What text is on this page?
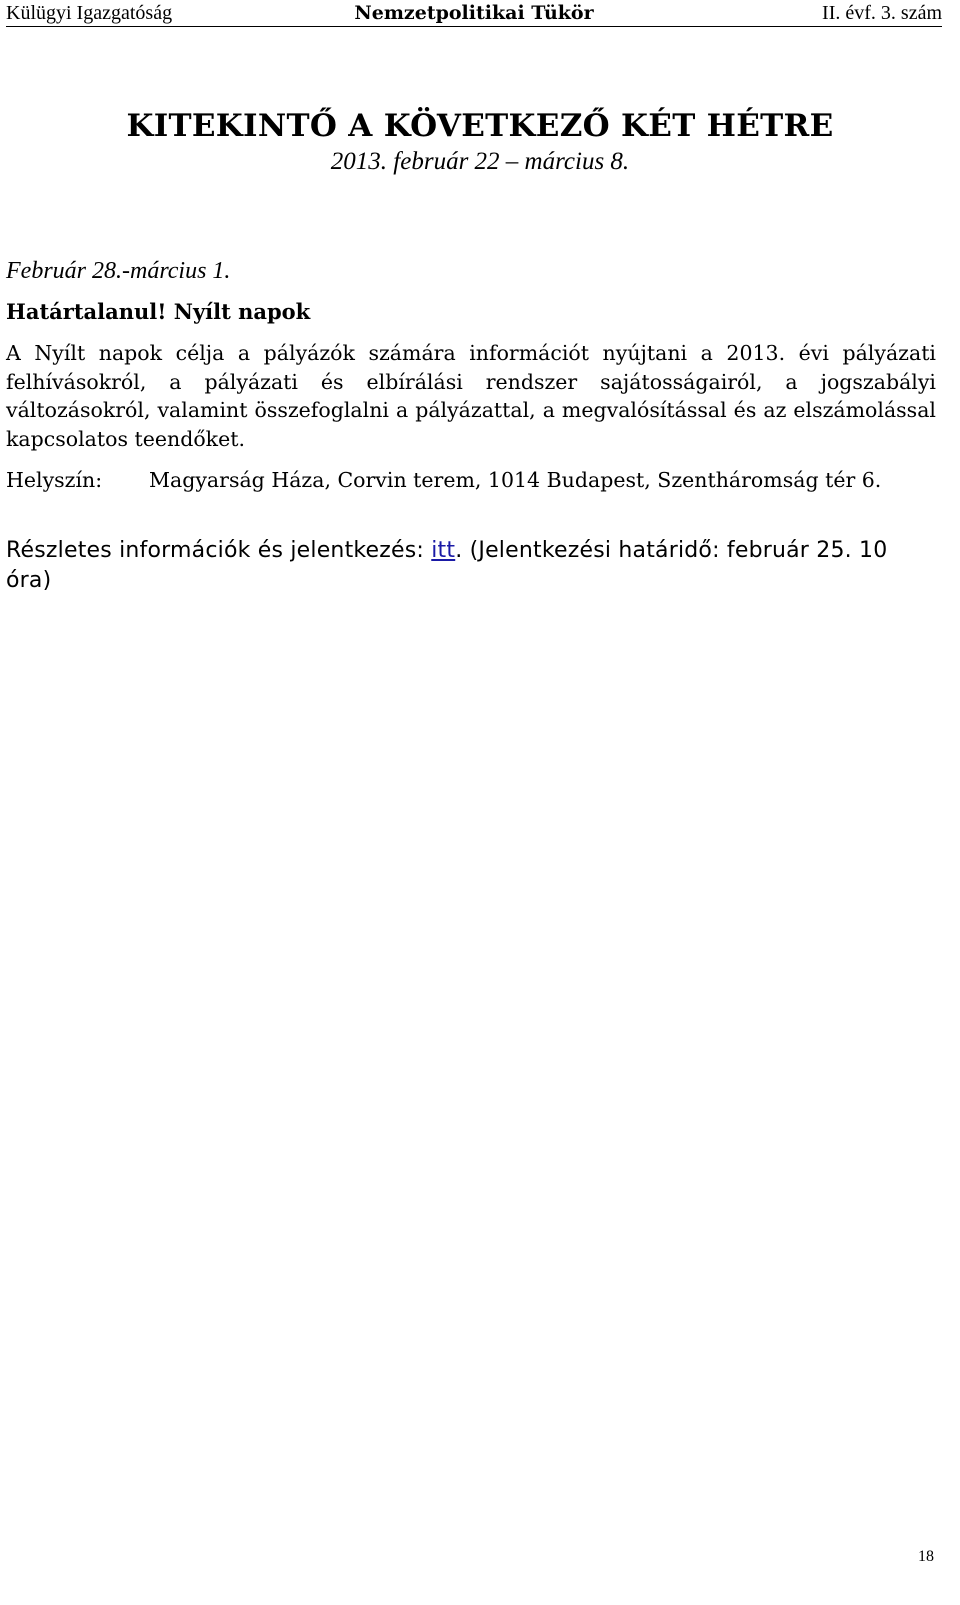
Külügyi Igazgatóság	Nemzetpolitikai Tükör	II. évf. 3. szám
KITEKINTŐ A KÖVETKEZŐ KÉT HÉTRE
2013. február 22 – március 8.
Február 28.-március 1.
Határtalanul! Nyílt napok
A Nyílt napok célja a pályázók számára információt nyújtani a 2013. évi pályázati felhívásokról, a pályázati és elbírálási rendszer sajátosságairól, a jogszabályi változásokról, valamint összefoglalni a pályázattal, a megvalósítással és az elszámolással kapcsolatos teendőket.
Helyszín: Magyarság Háza, Corvin terem, 1014 Budapest, Szentháromság tér 6.
Részletes információk és jelentkezés: itt. (Jelentkezési határidő: február 25. 10 óra)
18
